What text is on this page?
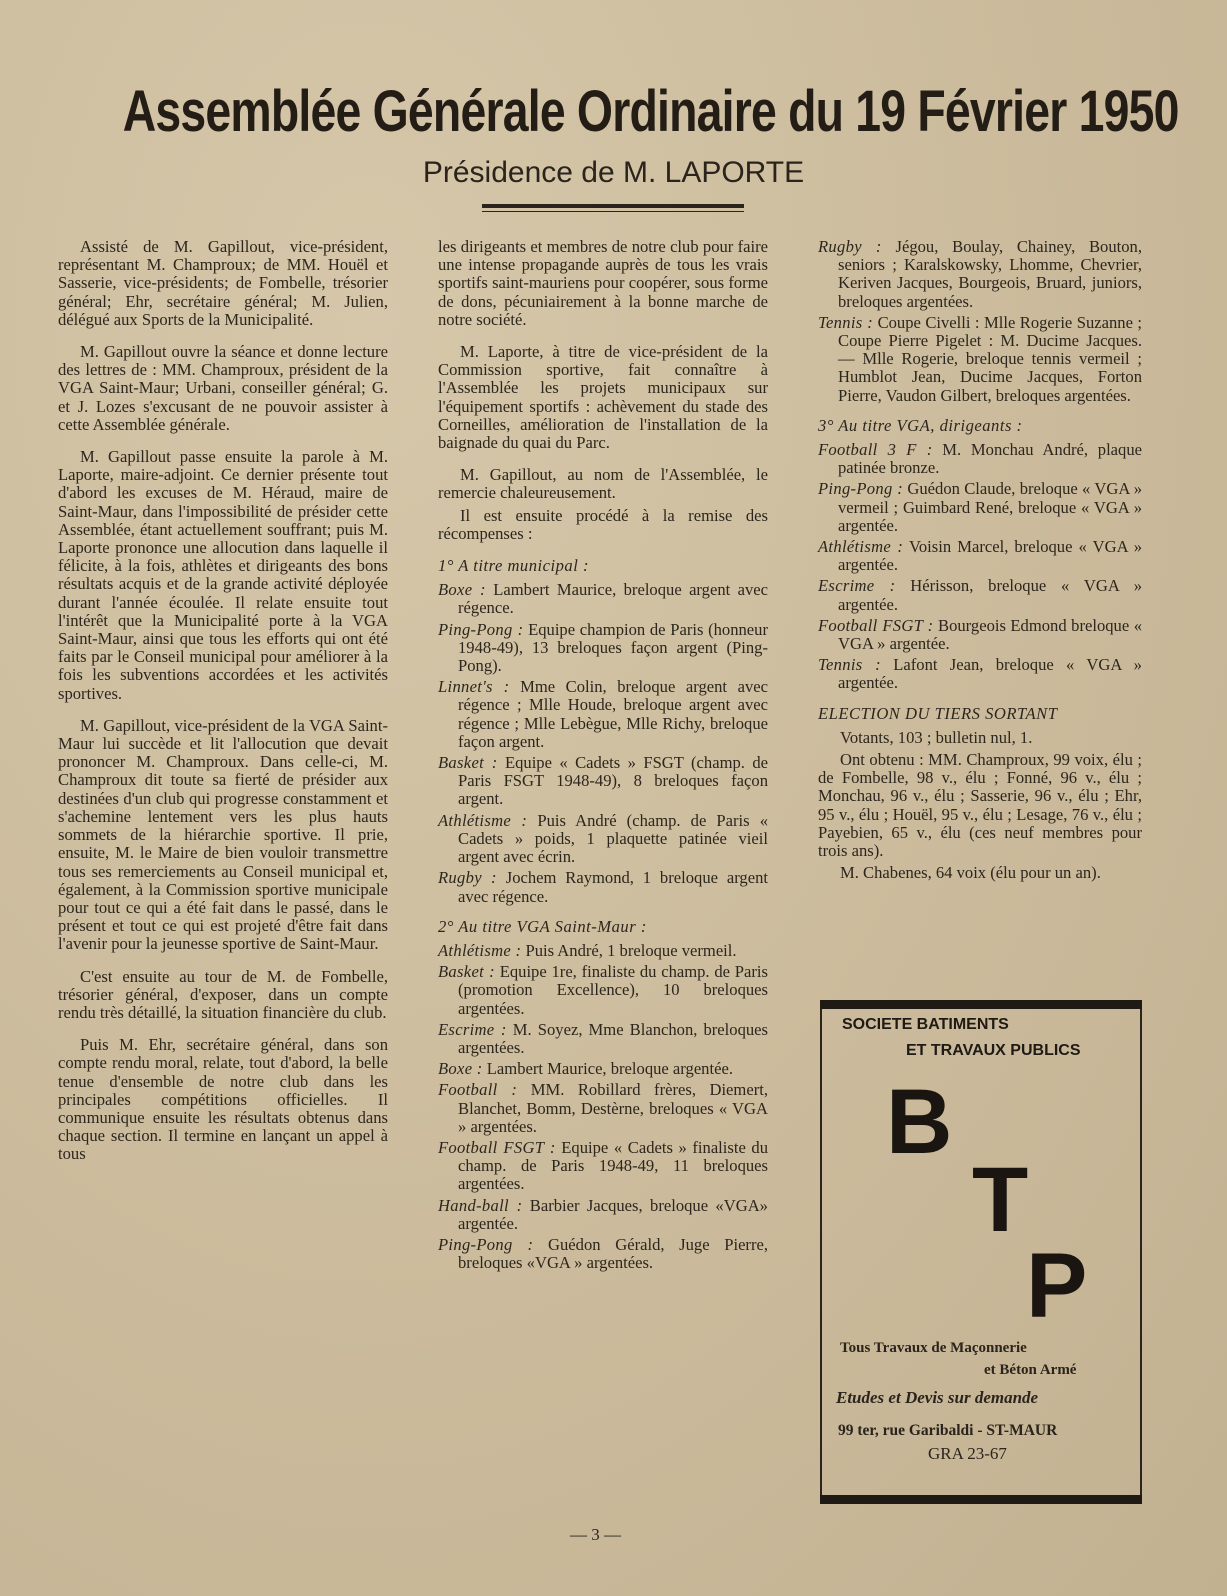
Assemblée Générale Ordinaire du 19 Février 1950
Présidence de M. LAPORTE

Assisté de M. Gapillout, vice-président, représentant M. Champroux; de MM. Houël et Sasserie, vice-présidents; de Fombelle, trésorier général; Ehr, secrétaire général; M. Julien, délégué aux Sports de la Municipalité.

M. Gapillout ouvre la séance et donne lecture des lettres de : MM. Champroux, président de la VGA Saint-Maur; Urbani, conseiller général; G. et J. Lozes s'excusant de ne pouvoir assister à cette Assemblée générale.

M. Gapillout passe ensuite la parole à M. Laporte, maire-adjoint. Ce dernier présente tout d'abord les excuses de M. Héraud, maire de Saint-Maur, dans l'impossibilité de présider cette Assemblée, étant actuellement souffrant; puis M. Laporte prononce une allocution dans laquelle il félicite, à la fois, athlètes et dirigeants des bons résultats acquis et de la grande activité déployée durant l'année écoulée. Il relate ensuite tout l'intérêt que la Municipalité porte à la VGA Saint-Maur, ainsi que tous les efforts qui ont été faits par le Conseil municipal pour améliorer à la fois les subventions accordées et les activités sportives.

M. Gapillout, vice-président de la VGA Saint-Maur lui succède et lit l'allocution que devait prononcer M. Champroux. Dans celle-ci, M. Champroux dit toute sa fierté de présider aux destinées d'un club qui progresse constamment et s'achemine lentement vers les plus hauts sommets de la hiérarchie sportive. Il prie, ensuite, M. le Maire de bien vouloir transmettre tous ses remerciements au Conseil municipal et, également, à la Commission sportive municipale pour tout ce qui a été fait dans le passé, dans le présent et tout ce qui est projeté d'être fait dans l'avenir pour la jeunesse sportive de Saint-Maur.

C'est ensuite au tour de M. de Fombelle, trésorier général, d'exposer, dans un compte rendu très détaillé, la situation financière du club.

Puis M. Ehr, secrétaire général, dans son compte rendu moral, relate, tout d'abord, la belle tenue d'ensemble de notre club dans les principales compétitions officielles. Il communique ensuite les résultats obtenus dans chaque section. Il termine en lançant un appel à tous

les dirigeants et membres de notre club pour faire une intense propagande auprès de tous les vrais sportifs saint-mauriens pour coopérer, sous forme de dons, pécuniairement à la bonne marche de notre société.

M. Laporte, à titre de vice-président de la Commission sportive, fait connaître à l'Assemblée les projets municipaux sur l'équipement sportifs : achèvement du stade des Corneilles, amélioration de l'installation de la baignade du quai du Parc.

M. Gapillout, au nom de l'Assemblée, le remercie chaleureusement.

Il est ensuite procédé à la remise des récompenses :

1° A titre municipal :

Boxe : Lambert Maurice, breloque argent avec régence.

Ping-Pong : Equipe champion de Paris (honneur 1948-49), 13 breloques façon argent (Ping-Pong).

Linnet's : Mme Colin, breloque argent avec régence ; Mlle Houde, breloque argent avec régence ; Mlle Lebègue, Mlle Richy, breloque façon argent.

Basket : Equipe « Cadets » FSGT (champ. de Paris FSGT 1948-49), 8 breloques façon argent.

Athlétisme : Puis André (champ. de Paris « Cadets » poids, 1 plaquette patinée vieil argent avec écrin.

Rugby : Jochem Raymond, 1 breloque argent avec régence.

2° Au titre VGA Saint-Maur :

Athlétisme : Puis André, 1 breloque vermeil.

Basket : Equipe 1re, finaliste du champ. de Paris (promotion Excellence), 10 breloques argentées.

Escrime : M. Soyez, Mme Blanchon, breloques argentées.

Boxe : Lambert Maurice, breloque argentée.

Football : MM. Robillard frères, Diemert, Blanchet, Bomm, Destèrne, breloques « VGA » argentées.

Football FSGT : Equipe « Cadets » finaliste du champ. de Paris 1948-49, 11 breloques argentées.

Hand-ball : Barbier Jacques, breloque «VGA» argentée.

Ping-Pong : Guédon Gérald, Juge Pierre, breloques «VGA » argentées.

Rugby : Jégou, Boulay, Chainey, Bouton, seniors ; Karalskowsky, Lhomme, Chevrier, Keriven Jacques, Bourgeois, Bruard, juniors, breloques argentées.

Tennis : Coupe Civelli : Mlle Rogerie Suzanne ; Coupe Pierre Pigelet : M. Ducime Jacques. — Mlle Rogerie, breloque tennis vermeil ; Humblot Jean, Ducime Jacques, Forton Pierre, Vaudon Gilbert, breloques argentées.

3° Au titre VGA, dirigeants :

Football 3 F : M. Monchau André, plaque patinée bronze.

Ping-Pong : Guédon Claude, breloque « VGA » vermeil ; Guimbard René, breloque « VGA » argentée.

Athlétisme : Voisin Marcel, breloque « VGA » argentée.

Escrime : Hérisson, breloque « VGA » argentée.

Football FSGT : Bourgeois Edmond breloque « VGA » argentée.

Tennis : Lafont Jean, breloque « VGA » argentée.

ELECTION DU TIERS SORTANT

Votants, 103 ; bulletin nul, 1.

Ont obtenu : MM. Champroux, 99 voix, élu ; de Fombelle, 98 v., élu ; Fonné, 96 v., élu ; Monchau, 96 v., élu ; Sasserie, 96 v., élu ; Ehr, 95 v., élu ; Houël, 95 v., élu ; Lesage, 76 v., élu ; Payebien, 65 v., élu (ces neuf membres pour trois ans).

M. Chabenes, 64 voix (élu pour un an).

SOCIETE BATIMENTS
ET TRAVAUX PUBLICS
B
T
P
Tous Travaux de Maçonnerie
et Béton Armé
Etudes et Devis sur demande
99 ter, rue Garibaldi - ST-MAUR
GRA 23-67
— 3 —
